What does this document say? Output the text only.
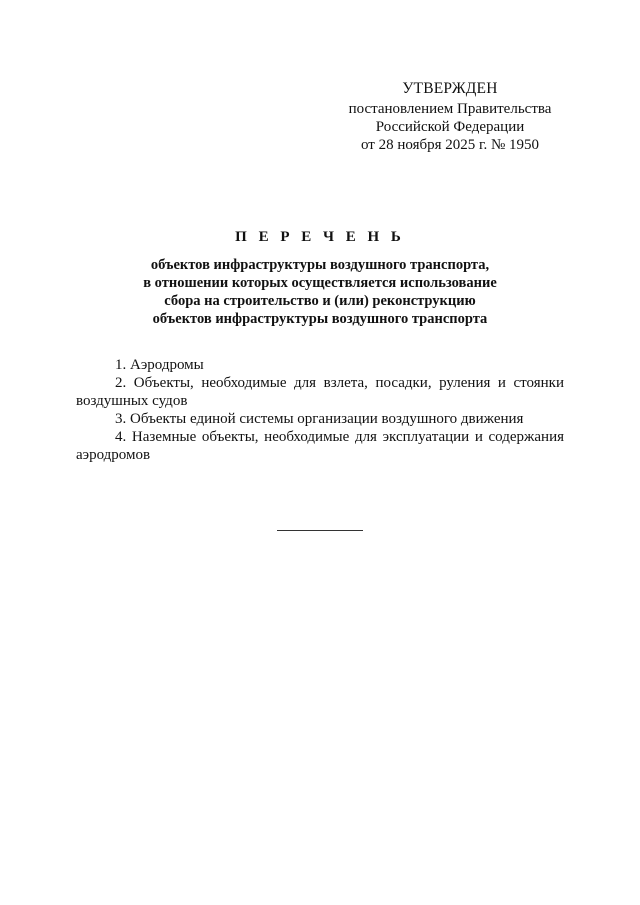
УТВЕРЖДЕН
постановлением Правительства
Российской Федерации
от 28 ноября 2025 г. № 1950
П Е Р Е Ч Е Н Ь
объектов инфраструктуры воздушного транспорта,
в отношении которых осуществляется использование
сбора на строительство и (или) реконструкцию
объектов инфраструктуры воздушного транспорта

1. Аэродромы

2. Объекты, необходимые для взлета, посадки, руления и стоянки воздушных судов

3. Объекты единой системы организации воздушного движения

4. Наземные объекты, необходимые для эксплуатации и содержания аэродромов
